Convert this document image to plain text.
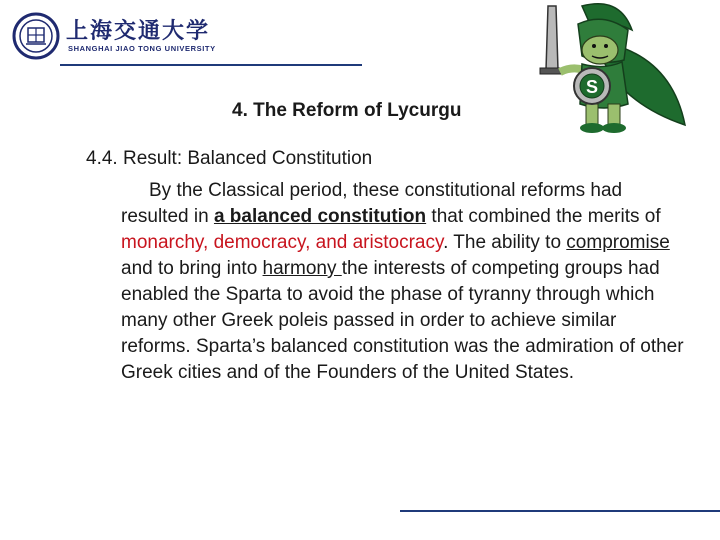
上海交通大学
SHANGHAI JIAO TONG UNIVERSITY
S
4. The Reform of Lycurgu
4.4. Result: Balanced Constitution

By the Classical period, these constitutional reforms had resulted in a balanced constitution that combined the merits of monarchy, democracy, and aristocracy. The ability to compromise and to bring into harmony the interests of competing groups had enabled the Sparta to avoid the phase of tyranny through which many other Greek poleis passed in order to achieve similar reforms. Sparta’s balanced constitution was the admiration of other Greek cities and of the Founders of the United States.
